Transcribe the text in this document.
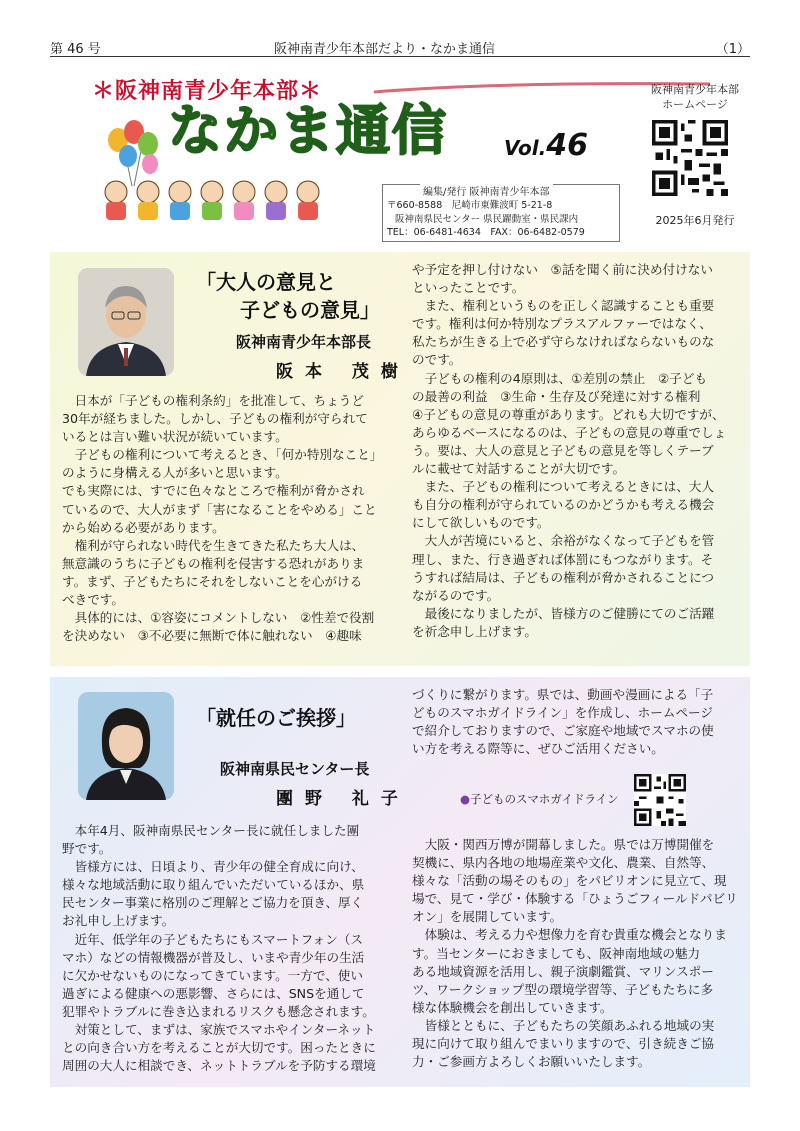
第 46 号	阪神南青少年本部だより・なかま通信	（1）
＊阪神南青少年本部＊
なかま通信	Vol.46
阪神南青少年本部
ホームページ
2025年6月発行
〒660-8588　尼崎市東難波町 5-21-8
阪神南県民センター 県民躍動室・県民課内
TEL：06-6481-4634　FAX：06-6482-0579
編集/発行 阪神南青少年本部
「大人の意見と
子どもの意見」
阪神南青少年本部長
阪本 茂樹

日本が「子どもの権利条約」を批准して、ちょうど

30年が経ちました。しかし、子どもの権利が守られて

いるとは言い難い状況が続いています。

子どもの権利について考えるとき、「何か特別なこと」

のように身構える人が多いと思います。

でも実際には、すでに色々なところで権利が脅かされ

ているので、大人がまず「害になることをやめる」こと

から始める必要があります。

権利が守られない時代を生きてきた私たち大人は、

無意識のうちに子どもの権利を侵害する恐れがありま

す。まず、子どもたちにそれをしないことを心がける

べきです。

具体的には、①容姿にコメントしない　②性差で役割

を決めない　③不必要に無断で体に触れない　④趣味

や予定を押し付けない　⑤話を聞く前に決め付けない

といったことです。

また、権利というものを正しく認識することも重要

です。権利は何か特別なプラスアルファーではなく、

私たちが生きる上で必ず守らなければならないものな

のです。

子どもの権利の4原則は、①差別の禁止　②子ども

の最善の利益　③生命・生存及び発達に対する権利

④子どもの意見の尊重があります。どれも大切ですが、

あらゆるベースになるのは、子どもの意見の尊重でしょ

う。要は、大人の意見と子どもの意見を等しくテーブ

ルに載せて対話することが大切です。

また、子どもの権利について考えるときには、大人

も自分の権利が守られているのかどうかも考える機会

にして欲しいものです。

大人が苦境にいると、余裕がなくなって子どもを管

理し、また、行き過ぎれば体罰にもつながります。そ

うすれば結局は、子どもの権利が脅かされることにつ

ながるのです。

最後になりましたが、皆様方のご健勝にてのご活躍

を祈念申し上げます。

「就任のご挨拶」
阪神南県民センター長
團野 礼子

本年4月、阪神南県民センター長に就任しました團

野です。

皆様方には、日頃より、青少年の健全育成に向け、

様々な地域活動に取り組んでいただいているほか、県

民センター事業に格別のご理解とご協力を頂き、厚く

お礼申し上げます。

近年、低学年の子どもたちにもスマートフォン（ス

マホ）などの情報機器が普及し、いまや青少年の生活

に欠かせないものになってきています。一方で、使い

過ぎによる健康への悪影響、さらには、SNSを通して

犯罪やトラブルに巻き込まれるリスクも懸念されます。

対策として、まずは、家族でスマホやインターネット

との向き合い方を考えることが大切です。困ったときに

周囲の大人に相談でき、ネットトラブルを予防する環境

づくりに繋がります。県では、動画や漫画による「子

どものスマホガイドライン」を作成し、ホームページ

で紹介しておりますので、ご家庭や地域でスマホの使

い方を考える際等に、ぜひご活用ください。

●子どものスマホガイドライン

大阪・関西万博が開幕しました。県では万博開催を

契機に、県内各地の地場産業や文化、農業、自然等、

様々な「活動の場そのもの」をパビリオンに見立て、現

場で、見て・学び・体験する「ひょうごフィールドパビリ

オン」を展開しています。

体験は、考える力や想像力を育む貴重な機会となりま

す。当センターにおきましても、阪神南地域の魅力

ある地域資源を活用し、親子演劇鑑賞、マリンスポー

ツ、ワークショップ型の環境学習等、子どもたちに多

様な体験機会を創出していきます。

皆様とともに、子どもたちの笑顔あふれる地域の実

現に向けて取り組んでまいりますので、引き続きご協

力・ご参画方よろしくお願いいたします。
